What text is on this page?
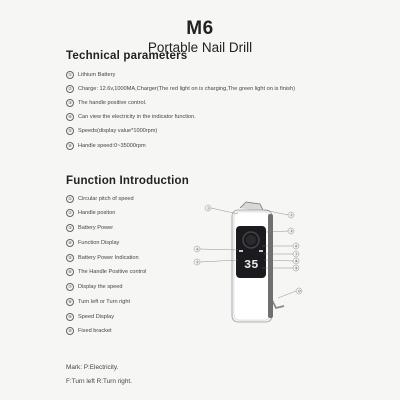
M6
Portable Nail Drill
Technical parameters
① Lithium Battery
② Charge: 12.6v,1000MA,Charger(The red light on is charging,The green light on is finish)
③ The handle positive control.
④ Can view the electricity in the indicator function.
⑤ Speeds(display value*1000rpm)
⑥ Handle speed:0~35000rpm
Function Introduction
① Circular pitch of speed
② Handle positon
③ Battery Power
④ Function Display
⑤ Battery Power Indication
⑥ The Handle Positive control
⑦ Display the speed
⑧ Turn left or Turn right
⑨ Speed Display
⑩ Fixed bracket
Mark: P:Electricity.
F:Turn left R:Turn right.
35
①
②
③
④
⑤
⑥
⑦
⑧
⑨
⑩
